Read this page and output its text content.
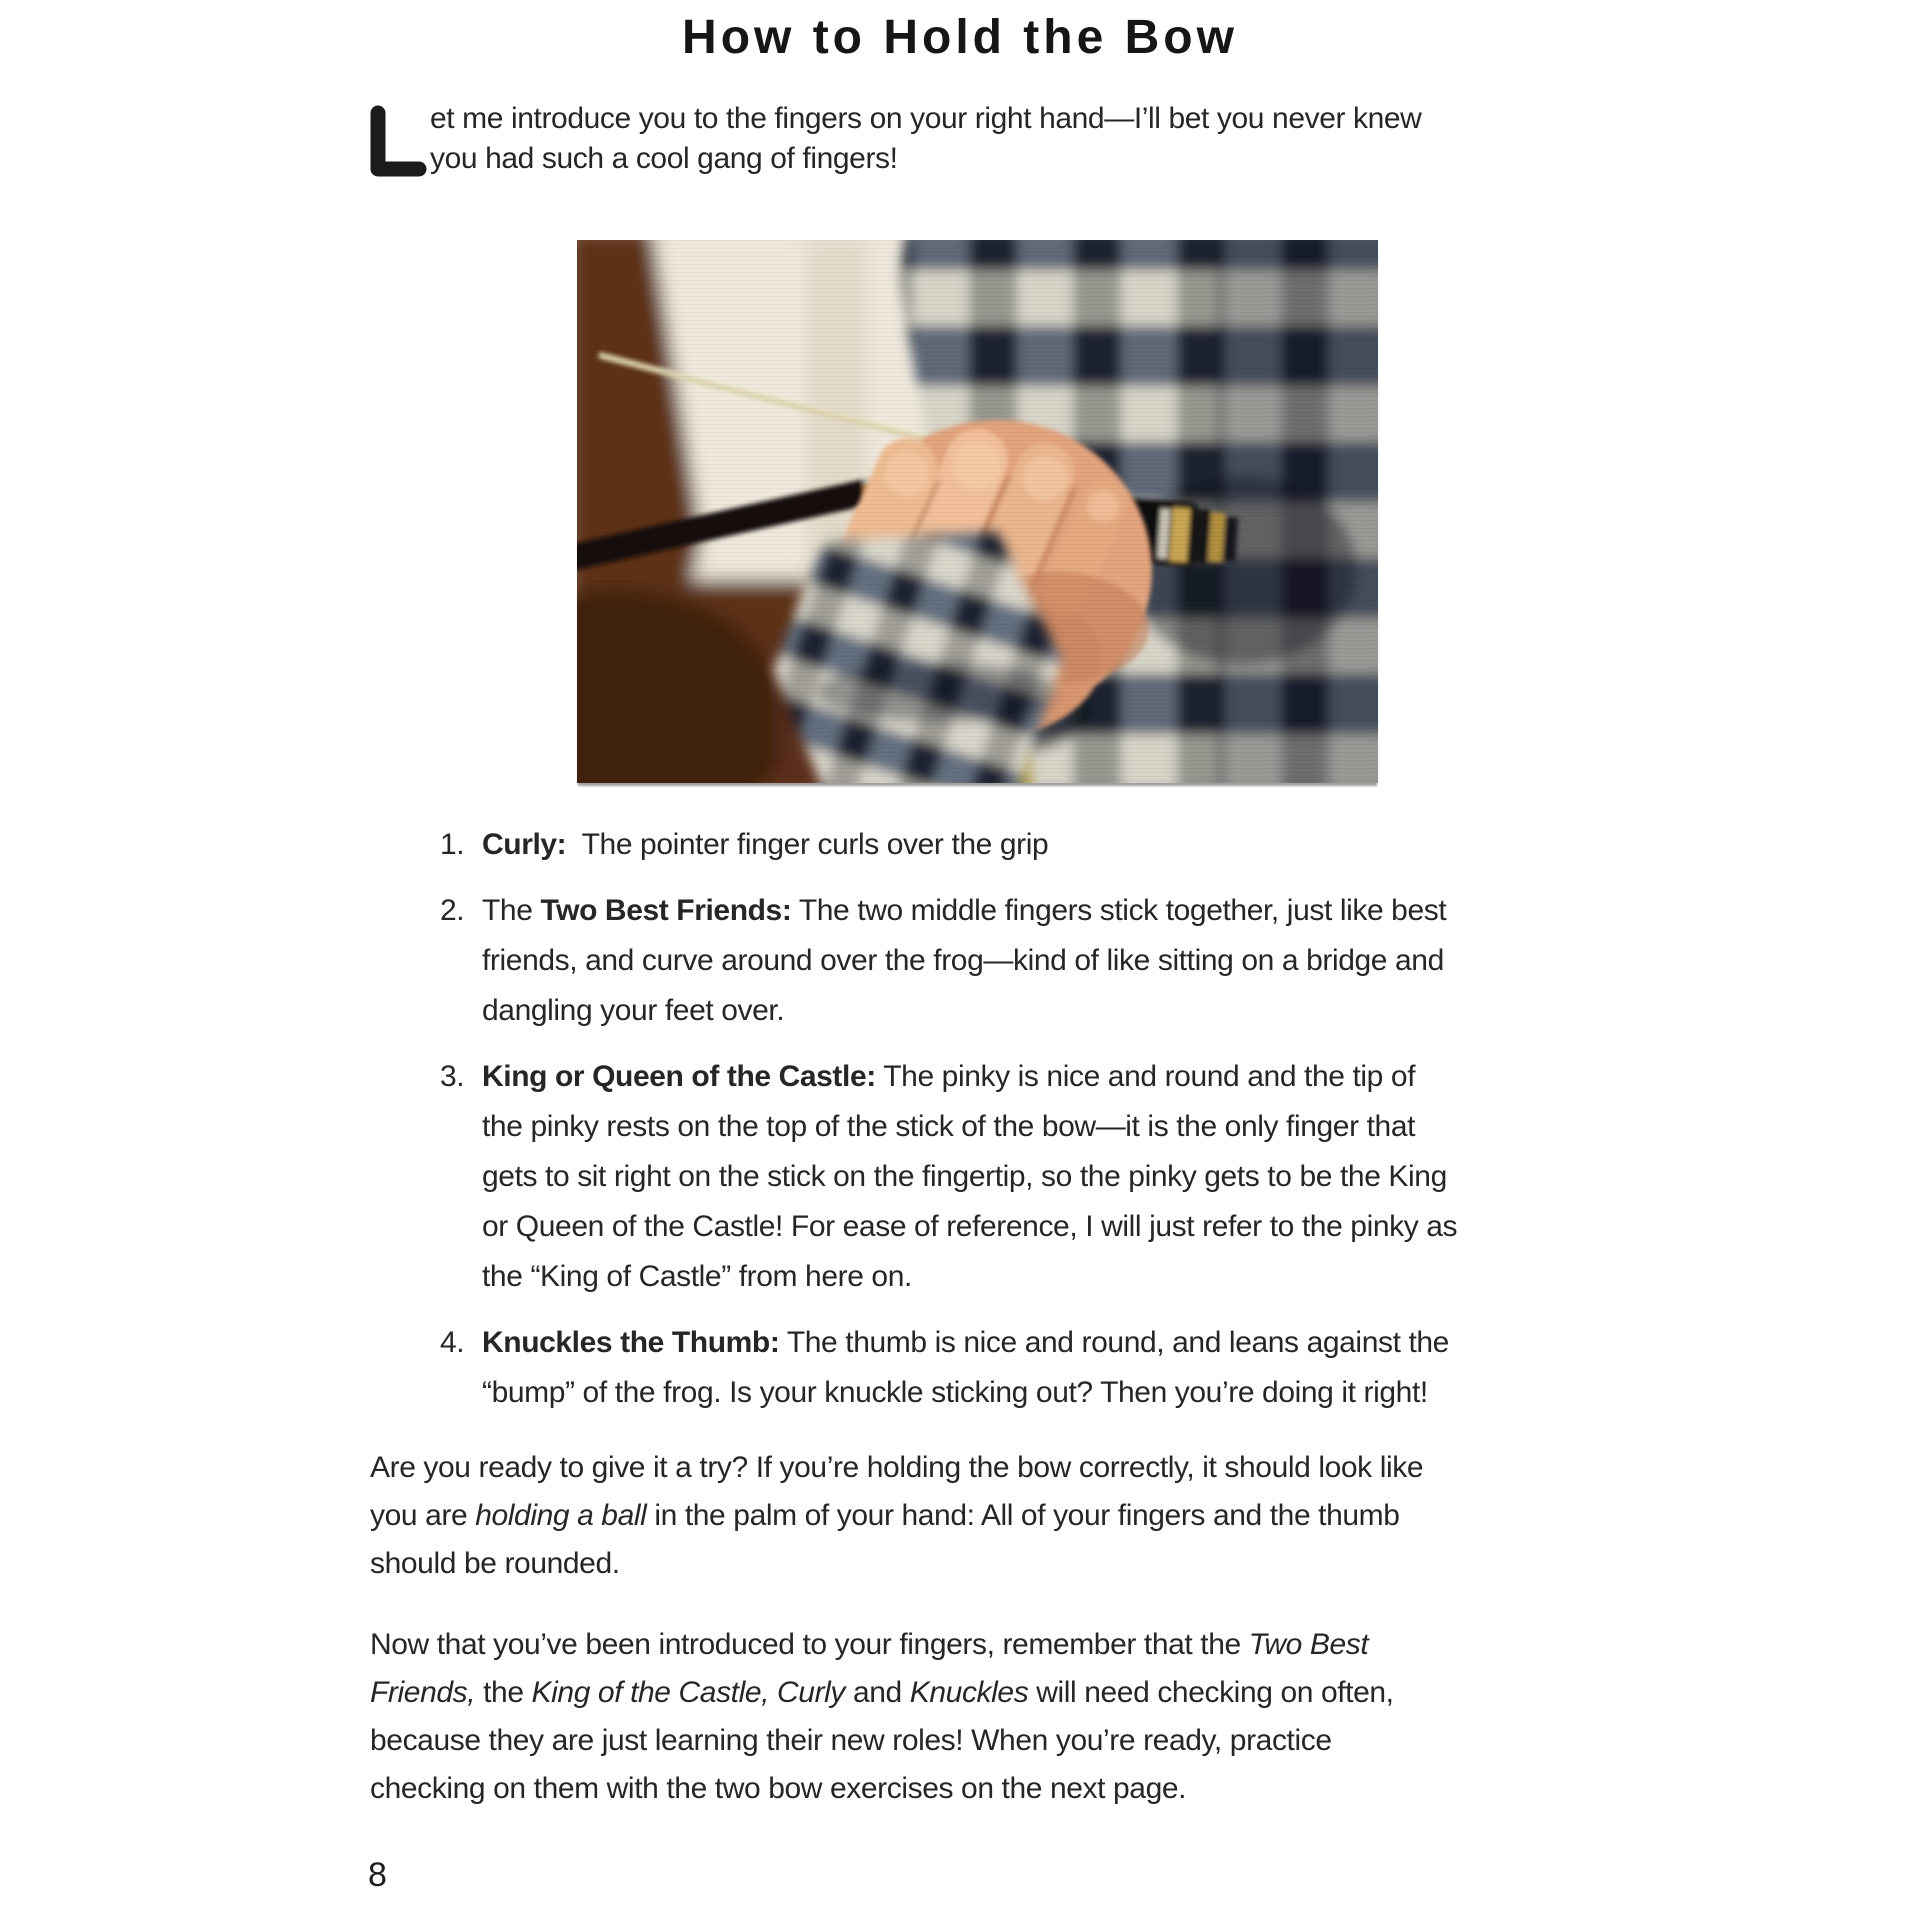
How to Hold the Bow
et me introduce you to the fingers on your right hand—I’ll bet you never knew
you had such a cool gang of fingers!
1. Curly:  The pointer finger curls over the grip
2. The Two Best Friends: The two middle fingers stick together, just like best
friends, and curve around over the frog—kind of like sitting on a bridge and
dangling your feet over.
3. King or Queen of the Castle: The pinky is nice and round and the tip of
the pinky rests on the top of the stick of the bow—it is the only finger that
gets to sit right on the stick on the fingertip, so the pinky gets to be the King
or Queen of the Castle! For ease of reference, I will just refer to the pinky as
the “King of Castle” from here on.
4. Knuckles the Thumb: The thumb is nice and round, and leans against the
“bump” of the frog. Is your knuckle sticking out? Then you’re doing it right!
Are you ready to give it a try? If you’re holding the bow correctly, it should look like
you are holding a ball in the palm of your hand: All of your fingers and the thumb
should be rounded.
Now that you’ve been introduced to your fingers, remember that the Two Best
Friends, the King of the Castle, Curly and Knuckles will need checking on often,
because they are just learning their new roles! When you’re ready, practice
checking on them with the two bow exercises on the next page.
8
